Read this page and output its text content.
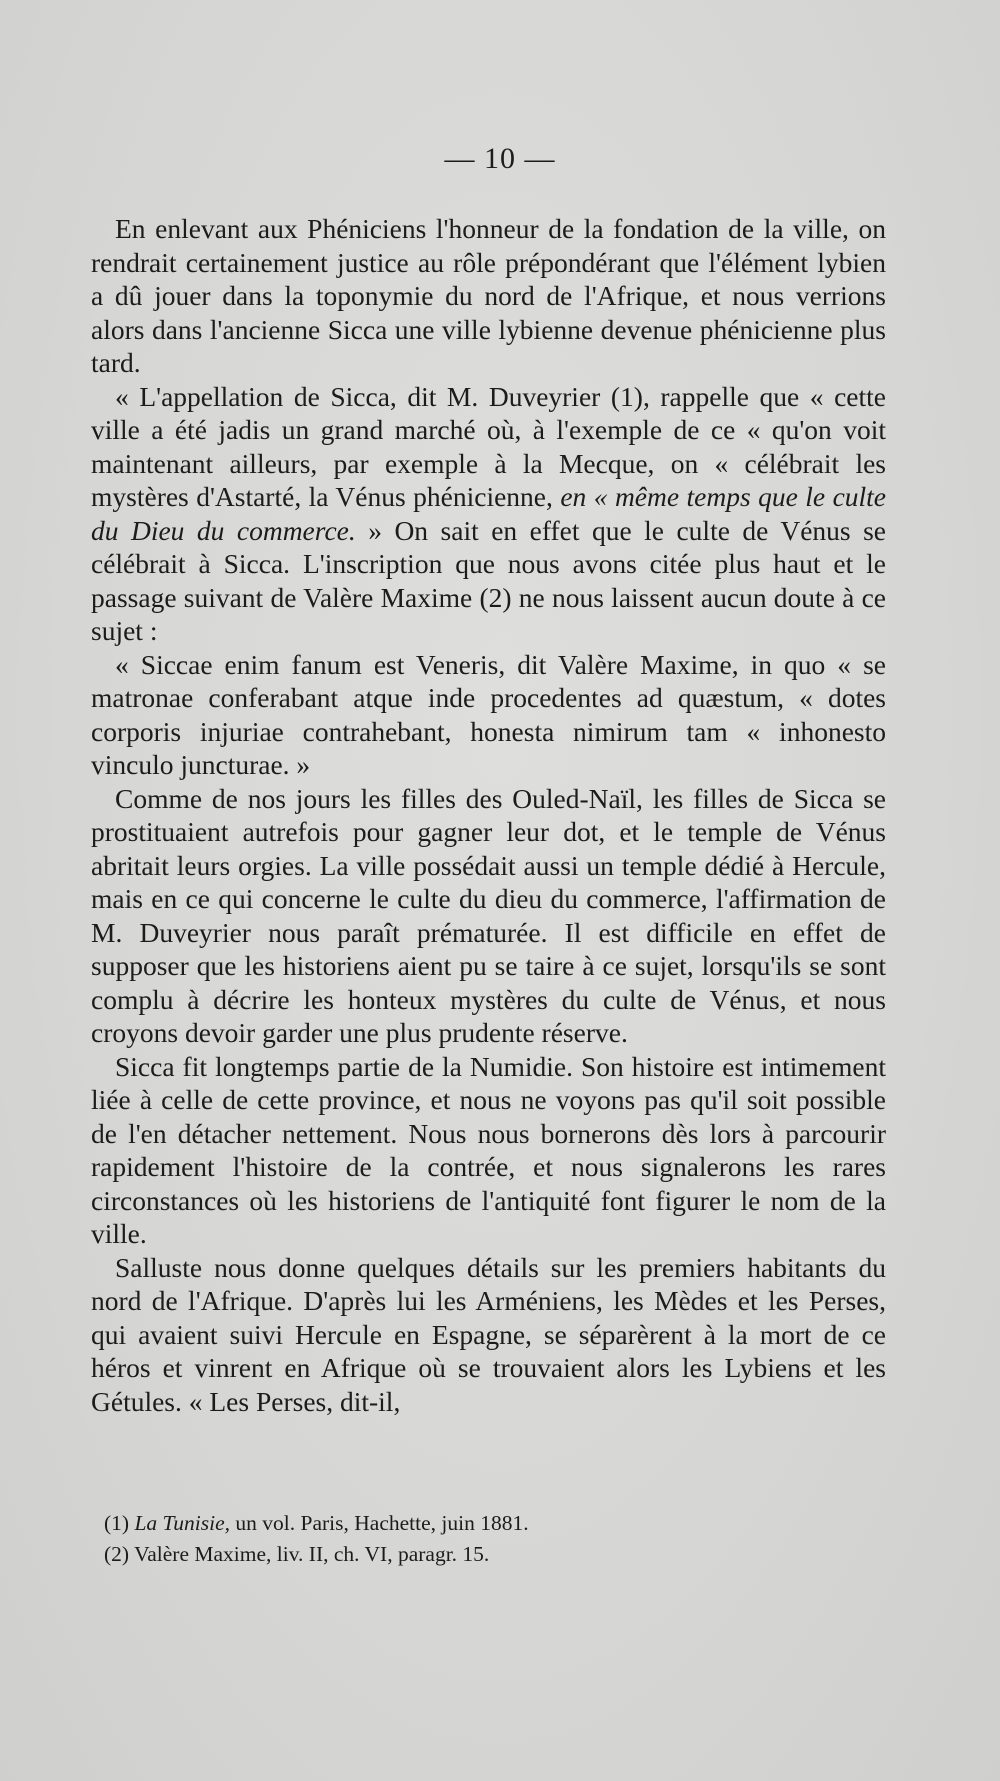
— 10 —

En enlevant aux Phéniciens l'honneur de la fondation de la ville, on rendrait certainement justice au rôle prépondérant que l'élément lybien a dû jouer dans la toponymie du nord de l'Afrique, et nous verrions alors dans l'ancienne Sicca une ville lybienne devenue phénicienne plus tard.

« L'appellation de Sicca, dit M. Duveyrier (1), rappelle que « cette ville a été jadis un grand marché où, à l'exemple de ce « qu'on voit maintenant ailleurs, par exemple à la Mecque, on « célébrait les mystères d'Astarté, la Vénus phénicienne, en « même temps que le culte du Dieu du commerce. » On sait en effet que le culte de Vénus se célébrait à Sicca. L'inscription que nous avons citée plus haut et le passage suivant de Valère Maxime (2) ne nous laissent aucun doute à ce sujet :

« Siccae enim fanum est Veneris, dit Valère Maxime, in quo « se matronae conferabant atque inde procedentes ad quæstum, « dotes corporis injuriae contrahebant, honesta nimirum tam « inhonesto vinculo juncturae. »

Comme de nos jours les filles des Ouled-Naïl, les filles de Sicca se prostituaient autrefois pour gagner leur dot, et le temple de Vénus abritait leurs orgies. La ville possédait aussi un temple dédié à Hercule, mais en ce qui concerne le culte du dieu du commerce, l'affirmation de M. Duveyrier nous paraît prématurée. Il est difficile en effet de supposer que les historiens aient pu se taire à ce sujet, lorsqu'ils se sont complu à décrire les honteux mystères du culte de Vénus, et nous croyons devoir garder une plus prudente réserve.

Sicca fit longtemps partie de la Numidie. Son histoire est intimement liée à celle de cette province, et nous ne voyons pas qu'il soit possible de l'en détacher nettement. Nous nous bornerons dès lors à parcourir rapidement l'histoire de la contrée, et nous signalerons les rares circonstances où les historiens de l'antiquité font figurer le nom de la ville.

Salluste nous donne quelques détails sur les premiers habitants du nord de l'Afrique. D'après lui les Arméniens, les Mèdes et les Perses, qui avaient suivi Hercule en Espagne, se séparèrent à la mort de ce héros et vinrent en Afrique où se trouvaient alors les Lybiens et les Gétules. « Les Perses, dit-il,

(1) La Tunisie, un vol. Paris, Hachette, juin 1881.
(2) Valère Maxime, liv. II, ch. VI, paragr. 15.
